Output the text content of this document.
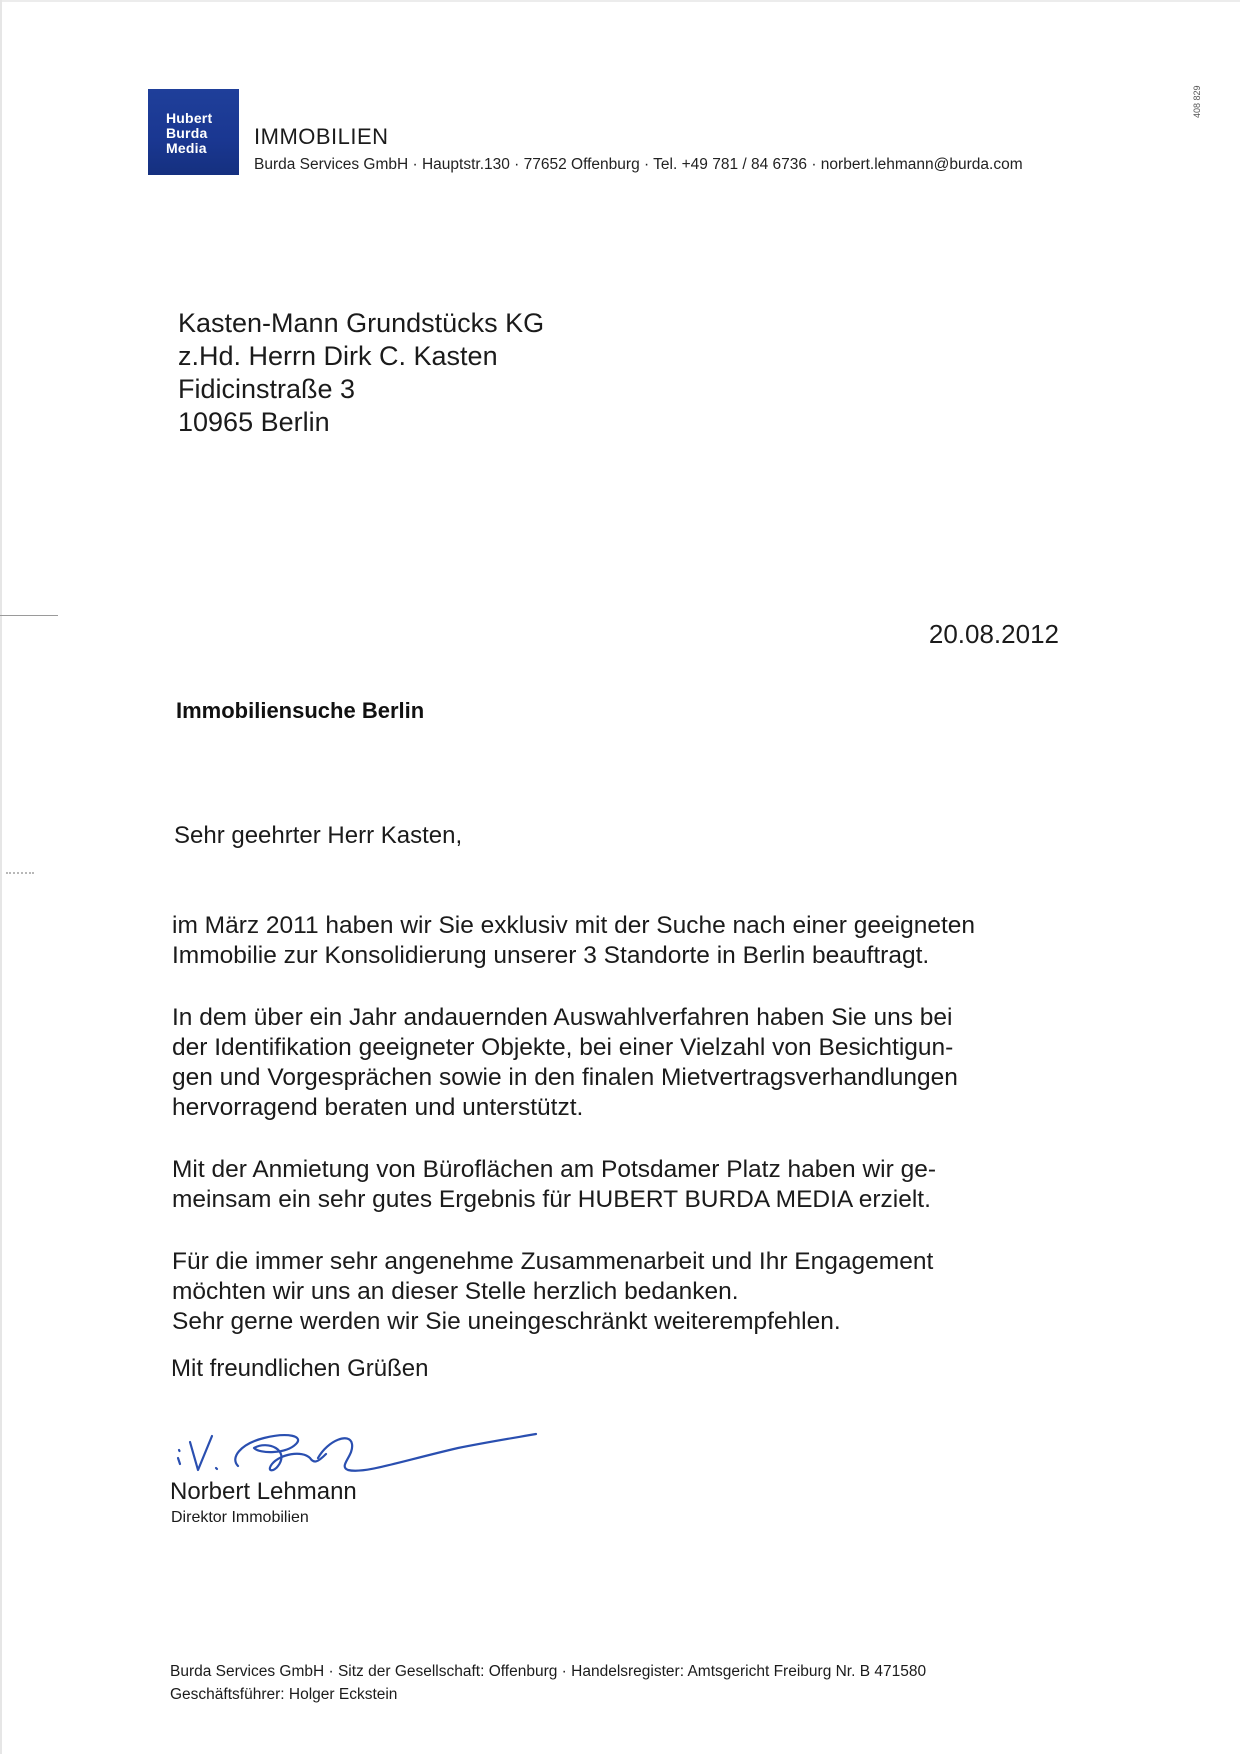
Hubert
Burda
Media	IMMOBILIEN
Burda Services GmbH · Hauptstr.130 · 77652 Offenburg · Tel. +49 781 / 84 6736 · norbert.lehmann@burda.com
408 829
Kasten-Mann Grundstücks KG
z.Hd. Herrn Dirk C. Kasten
Fidicinstraße 3
10965 Berlin
20.08.2012
Immobiliensuche Berlin
Sehr geehrter Herr Kasten,

im März 2011 haben wir Sie exklusiv mit der Suche nach einer geeigneten
Immobilie zur Konsolidierung unserer 3 Standorte in Berlin beauftragt.

In dem über ein Jahr andauernden Auswahlverfahren haben Sie uns bei
der Identifikation geeigneter Objekte, bei einer Vielzahl von Besichtigun-
gen und Vorgesprächen sowie in den finalen Mietvertragsverhandlungen
hervorragend beraten und unterstützt.

Mit der Anmietung von Büroflächen am Potsdamer Platz haben wir ge-
meinsam ein sehr gutes Ergebnis für HUBERT BURDA MEDIA erzielt.

Für die immer sehr angenehme Zusammenarbeit und Ihr Engagement
möchten wir uns an dieser Stelle herzlich bedanken.
Sehr gerne werden wir Sie uneingeschränkt weiterempfehlen.

Mit freundlichen Grüßen
Norbert Lehmann
Direktor Immobilien
Burda Services GmbH · Sitz der Gesellschaft: Offenburg · Handelsregister: Amtsgericht Freiburg Nr. B 471580
Geschäftsführer: Holger Eckstein
